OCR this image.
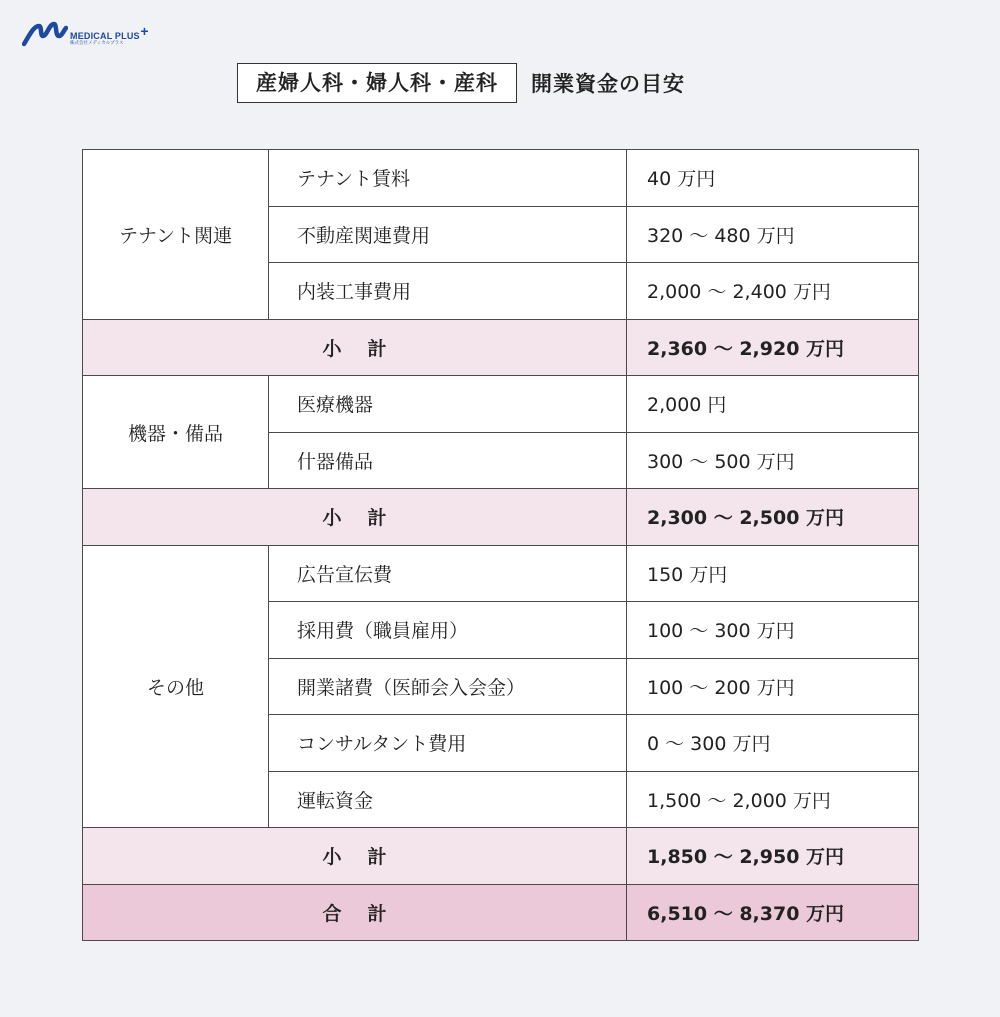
MEDICAL PLUS +
株式会社メディカルプラス
産婦人科・婦人科・産科	開業資金の目安
テナント関連	テナント賃料	40 万円
	不動産関連費用	320 〜 480 万円
	内装工事費用	2,000 〜 2,400 万円
小 計		2,360 〜 2,920 万円
機器・備品	医療機器	2,000 円
	什器備品	300 〜 500 万円
小 計		2,300 〜 2,500 万円
その他	広告宣伝費	150 万円
	採用費（職員雇用）	100 〜 300 万円
	開業諸費（医師会入会金）	100 〜 200 万円
	コンサルタント費用	0 〜 300 万円
	運転資金	1,500 〜 2,000 万円
小 計		1,850 〜 2,950 万円
合 計		6,510 〜 8,370 万円
